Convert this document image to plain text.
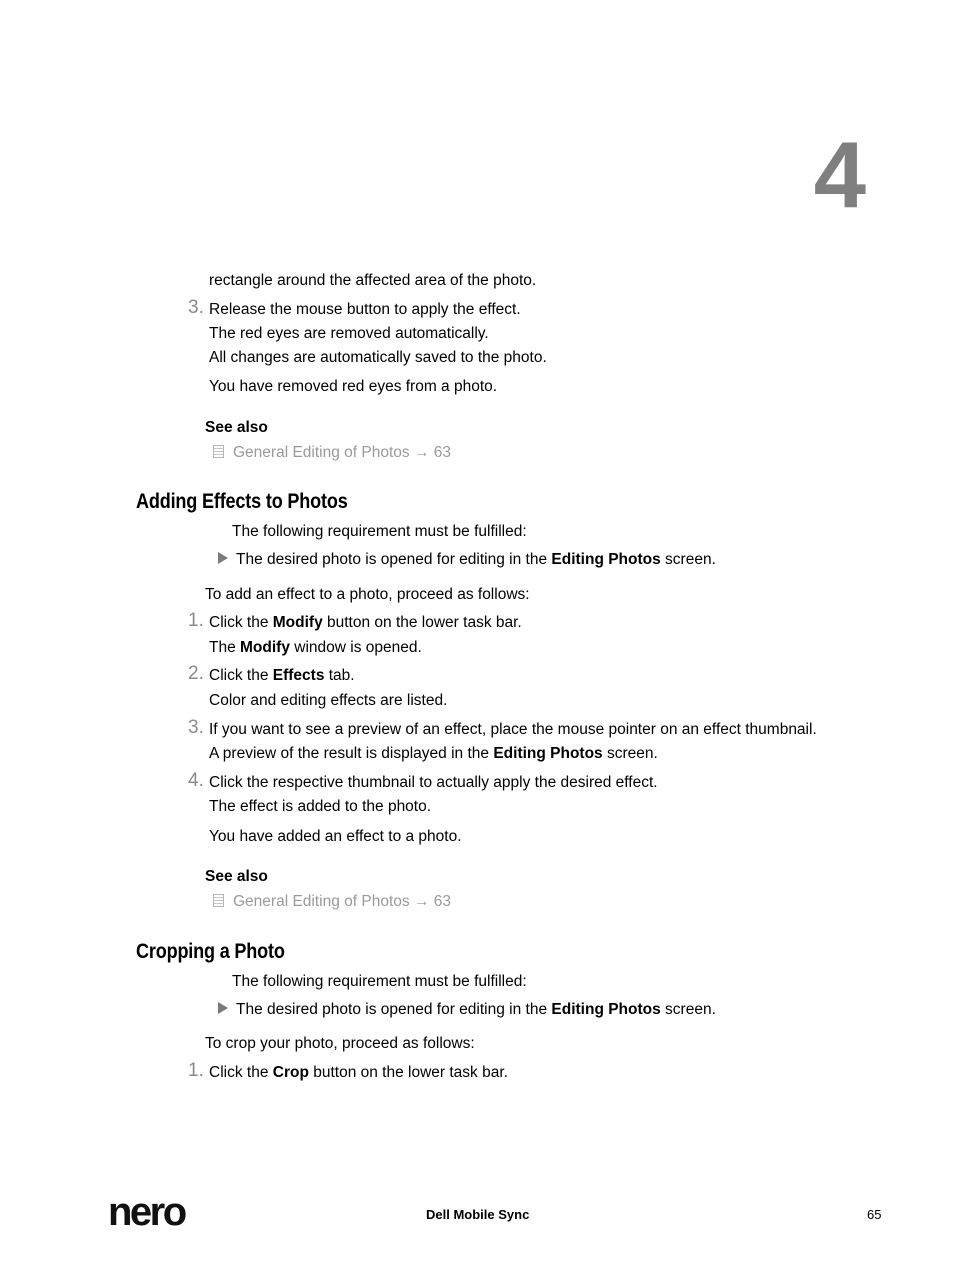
4
rectangle around the affected area of the photo.
3. Release the mouse button to apply the effect.
The red eyes are removed automatically.
All changes are automatically saved to the photo.
You have removed red eyes from a photo.
See also
General Editing of Photos → 63
Adding Effects to Photos
The following requirement must be fulfilled:
The desired photo is opened for editing in the Editing Photos screen.
To add an effect to a photo, proceed as follows:
1. Click the Modify button on the lower task bar.
The Modify window is opened.
2. Click the Effects tab.
Color and editing effects are listed.
3. If you want to see a preview of an effect, place the mouse pointer on an effect thumbnail.
A preview of the result is displayed in the Editing Photos screen.
4. Click the respective thumbnail to actually apply the desired effect.
The effect is added to the photo.
You have added an effect to a photo.
See also
General Editing of Photos → 63
Cropping a Photo
The following requirement must be fulfilled:
The desired photo is opened for editing in the Editing Photos screen.
To crop your photo, proceed as follows:
1. Click the Crop button on the lower task bar.
nero	Dell Mobile Sync	65
